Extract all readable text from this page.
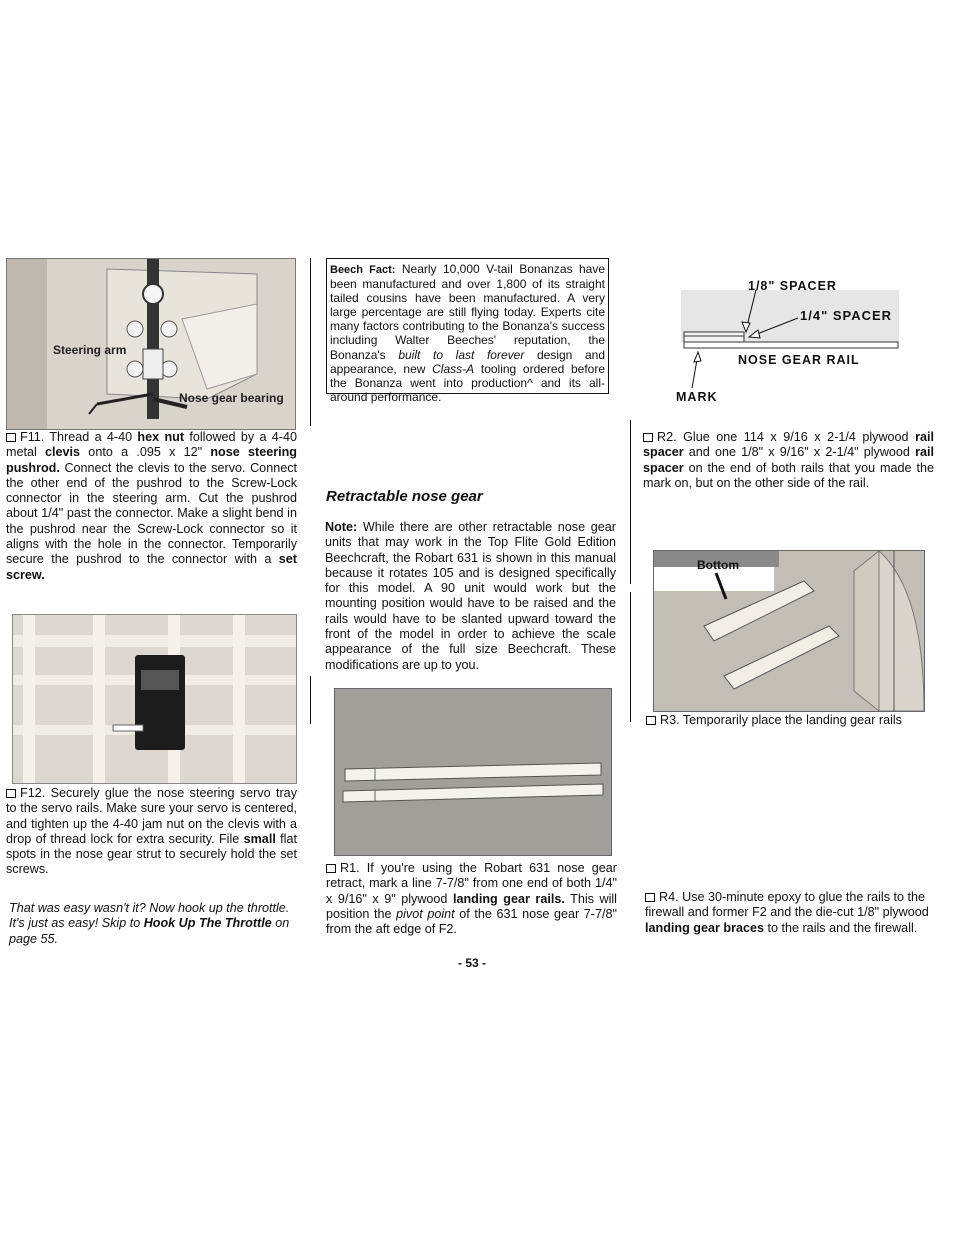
Steering arm
Nose gear bearing
F11. Thread a 4-40 hex nut followed by a 4-40 metal clevis onto a .095 x 12" nose steering pushrod. Connect the clevis to the servo. Connect the other end of the pushrod to the Screw-Lock connector in the steering arm. Cut the pushrod about 1/4" past the connector. Make a slight bend in the pushrod near the Screw-Lock connector so it aligns with the hole in the connector. Temporarily secure the pushrod to the connector with a set screw.
F12. Securely glue the nose steering servo tray to the servo rails. Make sure your servo is centered, and tighten up the 4-40 jam nut on the clevis with a drop of thread lock for extra security. File small flat spots in the nose gear strut to securely hold the set screws.
That was easy wasn't it? Now hook up the throttle. It's just as easy! Skip to Hook Up The Throttle on page 55.
Beech Fact: Nearly 10,000 V-tail Bonanzas have been manufactured and over 1,800 of its straight tailed cousins have been manufactured. A very large percentage are still flying today. Experts cite many factors contributing to the Bonanza's success including Walter Beeches' reputation, the Bonanza's built to last forever design and appearance, new Class-A tooling ordered before the Bonanza went into production^ and its all-around performance.
Retractable nose gear
Note: While there are other retractable nose gear units that may work in the Top Flite Gold Edition Beechcraft, the Robart 631 is shown in this manual because it rotates 105 and is designed specifically for this model. A 90 unit would work but the mounting position would have to be raised and the rails would have to be slanted upward toward the front of the model in order to achieve the scale appearance of the full size Beechcraft. These modifications are up to you.
R1. If you're using the Robart 631 nose gear retract, mark a line 7-7/8" from one end of both 1/4" x 9/16" x 9" plywood landing gear rails. This will position the pivot point of the 631 nose gear 7-7/8" from the aft edge of F2.
- 53 -
1/8" SPACER
1/4" SPACER
NOSE GEAR RAIL
MARK
R2. Glue one 114 x 9/16 x 2-1/4 plywood rail spacer and one 1/8" x 9/16" x 2-1/4" plywood rail spacer on the end of both rails that you made the mark on, but on the other side of the rail.
Bottom
R3. Temporarily place the landing gear rails
R4. Use 30-minute epoxy to glue the rails to the firewall and former F2 and the die-cut 1/8" plywood landing gear braces to the rails and the firewall.
